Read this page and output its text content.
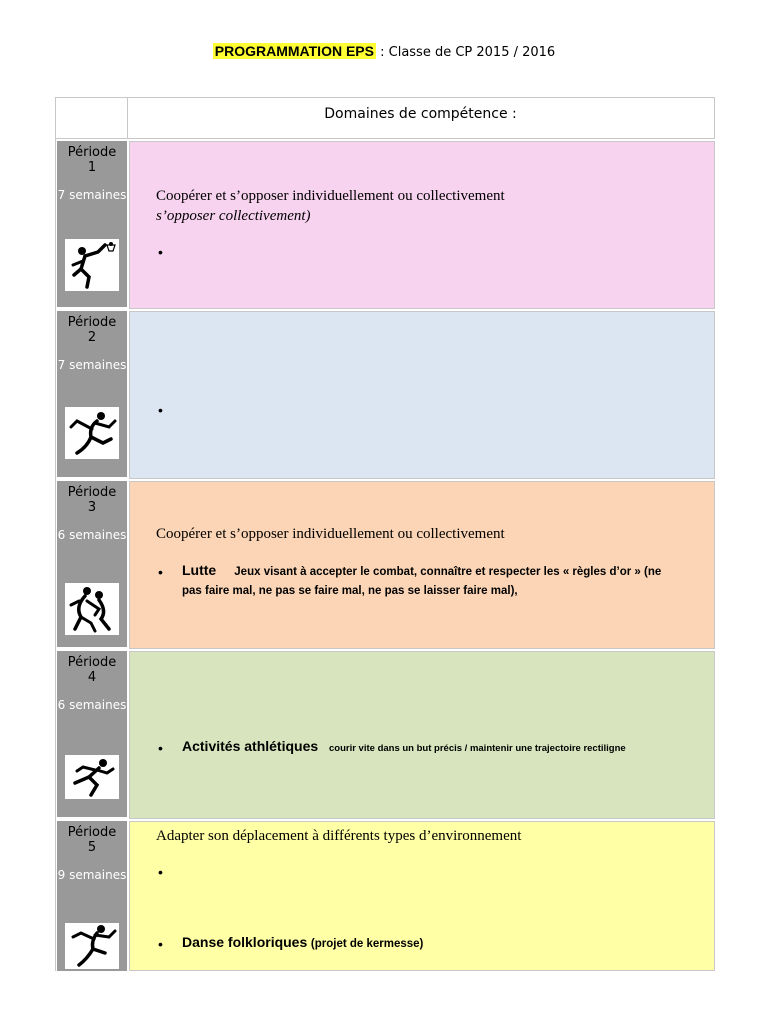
PROGRAMMATION EPS : Classe de CP 2015 / 2016
Domaines de compétence :
Période
1
7 semaines Coopérer et s’opposer individuellement ou collectivement
s’opposer collectivement)
•
Période
2
7 semaines
•
Période
3
6 semaines Coopérer et s’opposer individuellement ou collectivement
• Lutte Jeux visant à accepter le combat, connaître et respecter les « règles d’or » (ne
pas faire mal, ne pas se faire mal, ne pas se laisser faire mal),
Période
4
6 semaines
• Activités athlétiques courir vite dans un but précis / maintenir une trajectoire rectiligne
Période
5
9 semaines
Adapter son déplacement à différents types d’environnement
•
• Danse folkloriques (projet de kermesse)
